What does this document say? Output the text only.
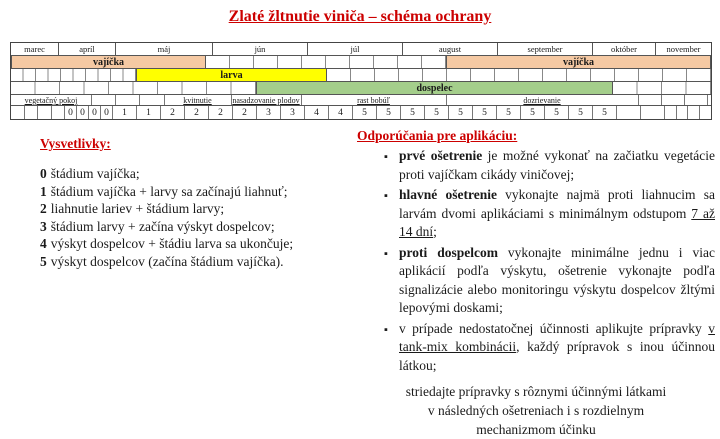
Zlaté žltnutie viniča – schéma ochrany
marec	apríl	máj	jún	júl	august	september	október	november
vajíčka	vajíčka
larva
dospelec
vegetačný pokoj	kvitnutie	nasadzovanie plodov	rast bobúľ	dozrievanie
0 0 0 0	1	1	2	2	2	2	3	3	4	4	5	5	5	5	5	5	5	5	5	5	5
Vysvetlivky:
0 štádium vajíčka;
1 štádium vajíčka + larvy sa začínajú liahnuť;
2 liahnutie lariev + štádium larvy;
3 štádium larvy + začína výskyt dospelcov;
4 výskyt dospelcov + štádiu larva sa ukončuje;
5 výskyt dospelcov (začína štádium vajíčka).
Odporúčania pre aplikáciu:
▪ prvé ošetrenie je možné vykonať na začiatku vegetácie proti vajíčkam cikády viničovej;
▪ hlavné ošetrenie vykonajte najmä proti liahnucim sa larvám dvomi aplikáciami s minimálnym odstupom 7 až 14 dní;
▪ proti dospelcom vykonajte minimálne jednu i viac aplikácií podľa výskytu, ošetrenie vykonajte podľa signalizácie alebo monitoringu výskytu dospelcov žltými lepovými doskami;
▪ v prípade nedostatočnej účinnosti aplikujte prípravky v tank-mix kombinácii, každý prípravok s inou účinnou látkou;
striedajte prípravky s rôznymi účinnými látkami
v následných ošetreniach i s rozdielnym
mechanizmom účinku
